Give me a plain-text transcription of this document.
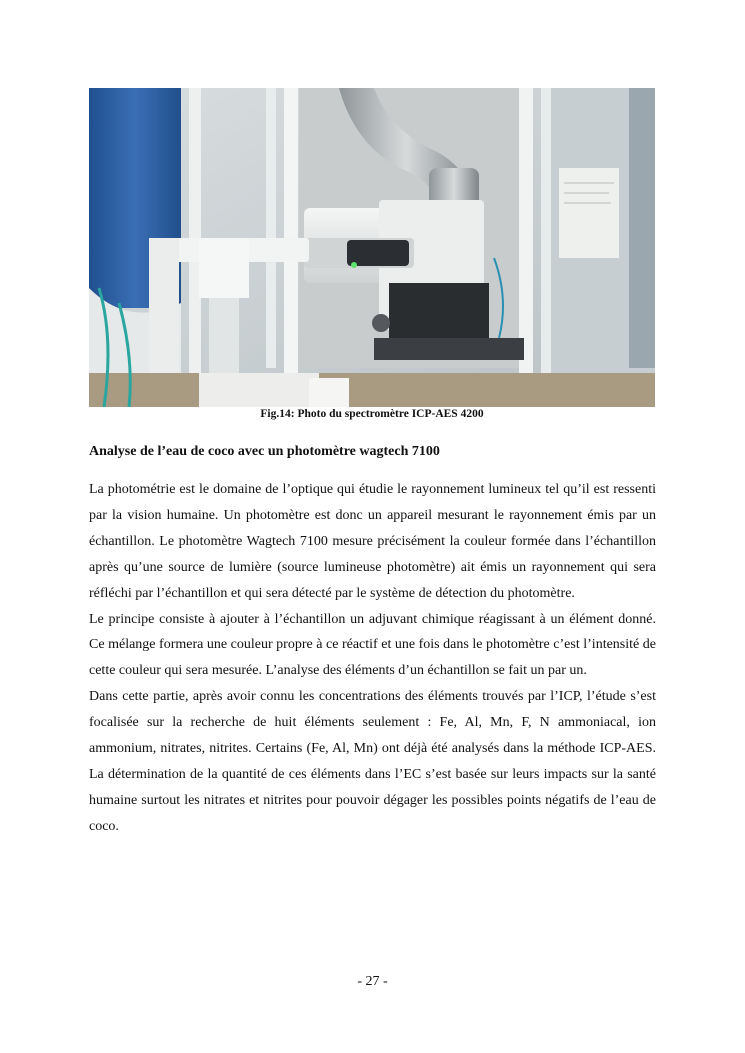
Fig.14: Photo du spectromètre ICP-AES 4200
Analyse de l’eau de coco avec un photomètre wagtech 7100

La photométrie est le domaine de l’optique qui étudie le rayonnement lumineux tel qu’il est ressenti par la vision humaine. Un photomètre est donc un appareil mesurant le rayonnement émis par un échantillon. Le photomètre Wagtech 7100 mesure précisément la couleur formée dans l’échantillon après qu’une source de lumière (source lumineuse photomètre) ait émis un rayonnement qui sera réfléchi par l’échantillon et qui sera détecté par le système de détection du photomètre.

Le principe consiste à ajouter à l’échantillon un adjuvant chimique réagissant à un élément donné. Ce mélange formera une couleur propre à ce réactif et une fois dans le photomètre c’est l’intensité de cette couleur qui sera mesurée. L’analyse des éléments d’un échantillon se fait un par un.

Dans cette partie, après avoir connu les concentrations des éléments trouvés par l’ICP, l’étude s’est focalisée sur la recherche de huit éléments seulement : Fe, Al, Mn, F, N ammoniacal, ion ammonium, nitrates, nitrites. Certains (Fe, Al, Mn) ont déjà été analysés dans la méthode ICP-AES. La détermination de la quantité de ces éléments dans l’EC s’est basée sur leurs impacts sur la santé humaine surtout les nitrates et nitrites pour pouvoir dégager les possibles points négatifs de l’eau de coco.

- 27 -
